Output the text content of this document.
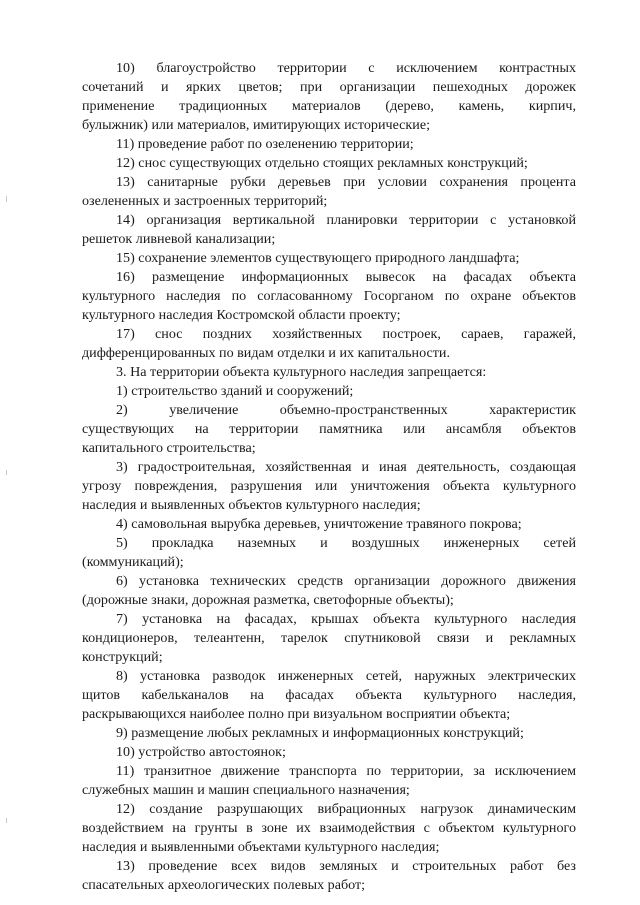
10) благоустройство территории с исключением контрастных
сочетаний и ярких цветов; при организации пешеходных дорожек
применение традиционных материалов (дерево, камень, кирпич,
булыжник) или материалов, имитирующих исторические;
11) проведение работ по озеленению территории;
12) снос существующих отдельно стоящих рекламных конструкций;
13) санитарные рубки деревьев при условии сохранения процента
озелененных и застроенных территорий;
14) организация вертикальной планировки территории с установкой
решеток ливневой канализации;
15) сохранение элементов существующего природного ландшафта;
16) размещение информационных вывесок на фасадах объекта
культурного наследия по согласованному Госорганом по охране объектов
культурного наследия Костромской области проекту;
17) снос поздних хозяйственных построек, сараев, гаражей,
дифференцированных по видам отделки и их капитальности.
3. На территории объекта культурного наследия запрещается:
1) строительство зданий и сооружений;
2) увеличение объемно-пространственных характеристик
существующих на территории памятника или ансамбля объектов
капитального строительства;
3) градостроительная, хозяйственная и иная деятельность, создающая
угрозу повреждения, разрушения или уничтожения объекта культурного
наследия и выявленных объектов культурного наследия;
4) самовольная вырубка деревьев, уничтожение травяного покрова;
5) прокладка наземных и воздушных инженерных сетей
(коммуникаций);
6) установка технических средств организации дорожного движения
(дорожные знаки, дорожная разметка, светофорные объекты);
7) установка на фасадах, крышах объекта культурного наследия
кондиционеров, телеантенн, тарелок спутниковой связи и рекламных
конструкций;
8) установка разводок инженерных сетей, наружных электрических
щитов кабельканалов на фасадах объекта культурного наследия,
раскрывающихся наиболее полно при визуальном восприятии объекта;
9) размещение любых рекламных и информационных конструкций;
10) устройство автостоянок;
11) транзитное движение транспорта по территории, за исключением
служебных машин и машин специального назначения;
12) создание разрушающих вибрационных нагрузок динамическим
воздействием на грунты в зоне их взаимодействия с объектом культурного
наследия и выявленными объектами культурного наследия;
13) проведение всех видов земляных и строительных работ без
спасательных археологических полевых работ;
